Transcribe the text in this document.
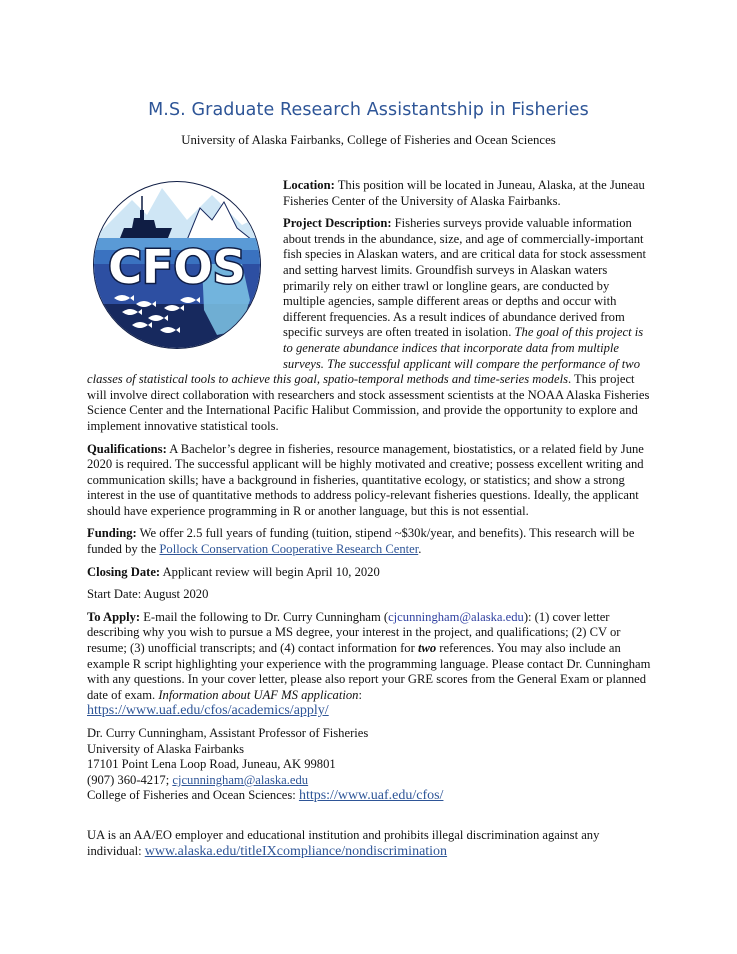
M.S. Graduate Research Assistantship in Fisheries
University of Alaska Fairbanks, College of Fisheries and Ocean Sciences
CFOS

Location: This position will be located in Juneau, Alaska, at the Juneau Fisheries Center of the University of Alaska Fairbanks.

Project Description: Fisheries surveys provide valuable information about trends in the abundance, size, and age of commercially-important fish species in Alaskan waters, and are critical data for stock assessment and setting harvest limits. Groundfish surveys in Alaskan waters primarily rely on either trawl or longline gears, are conducted by multiple agencies, sample different areas or depths and occur with different frequencies. As a result indices of abundance derived from specific surveys are often treated in isolation. The goal of this project is to generate abundance indices that incorporate data from multiple surveys. The successful applicant will compare the performance of two classes of statistical tools to achieve this goal, spatio-temporal methods and time-series models. This project will involve direct collaboration with researchers and stock assessment scientists at the NOAA Alaska Fisheries Science Center and the International Pacific Halibut Commission, and provide the opportunity to explore and implement innovative statistical tools.

Qualifications: A Bachelor’s degree in fisheries, resource management, biostatistics, or a related field by June 2020 is required. The successful applicant will be highly motivated and creative; possess excellent writing and communication skills; have a background in fisheries, quantitative ecology, or statistics; and show a strong interest in the use of quantitative methods to address policy-relevant fisheries questions. Ideally, the applicant should have experience programming in R or another language, but this is not essential.

Funding: We offer 2.5 full years of funding (tuition, stipend ~$30k/year, and benefits). This research will be funded by the Pollock Conservation Cooperative Research Center.

Closing Date: Applicant review will begin April 10, 2020

Start Date: August 2020

To Apply: E-mail the following to Dr. Curry Cunningham (cjcunningham@alaska.edu): (1) cover letter describing why you wish to pursue a MS degree, your interest in the project, and qualifications; (2) CV or resume; (3) unofficial transcripts; and (4) contact information for two references. You may also include an example R script highlighting your experience with the programming language. Please contact Dr. Cunningham with any questions. In your cover letter, please also report your GRE scores from the General Exam or planned date of exam. Information about UAF MS application:
https://www.uaf.edu/cfos/academics/apply/

Dr. Curry Cunningham, Assistant Professor of Fisheries
University of Alaska Fairbanks
17101 Point Lena Loop Road, Juneau, AK 99801
(907) 360-4217; cjcunningham@alaska.edu
College of Fisheries and Ocean Sciences: https://www.uaf.edu/cfos/

UA is an AA/EO employer and educational institution and prohibits illegal discrimination against any individual: www.alaska.edu/titleIXcompliance/nondiscrimination
